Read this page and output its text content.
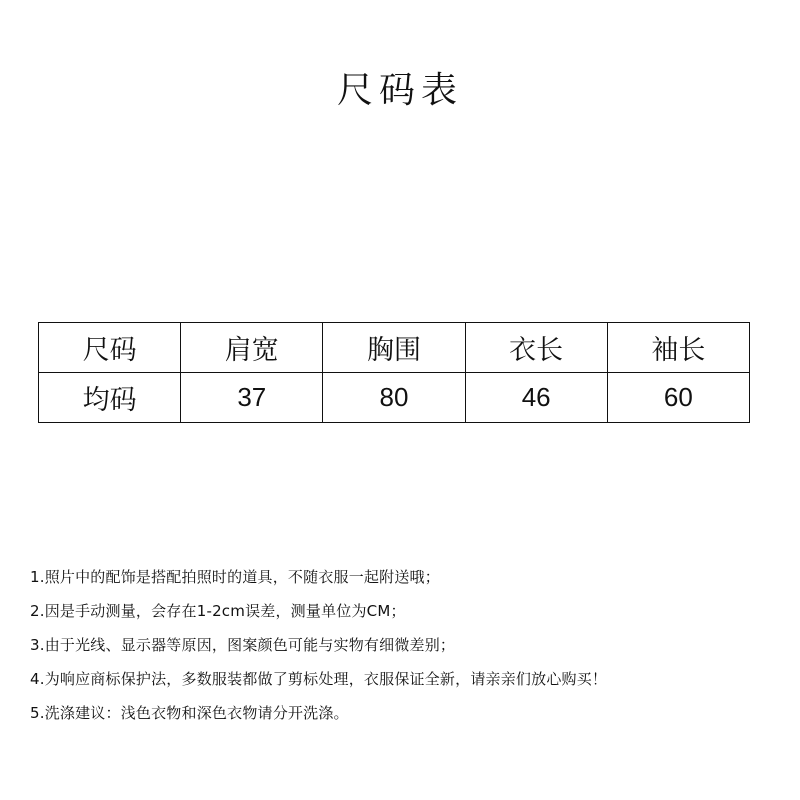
尺码表
尺码	肩宽	胸围	衣长	袖长
均码	37	80	46	60
1.照片中的配饰是搭配拍照时的道具，不随衣服一起附送哦；
2.因是手动测量，会存在1-2cm误差，测量单位为CM；
3.由于光线、显示器等原因，图案颜色可能与实物有细微差别；
4.为响应商标保护法，多数服装都做了剪标处理，衣服保证全新，请亲亲们放心购买！
5.洗涤建议：浅色衣物和深色衣物请分开洗涤。
